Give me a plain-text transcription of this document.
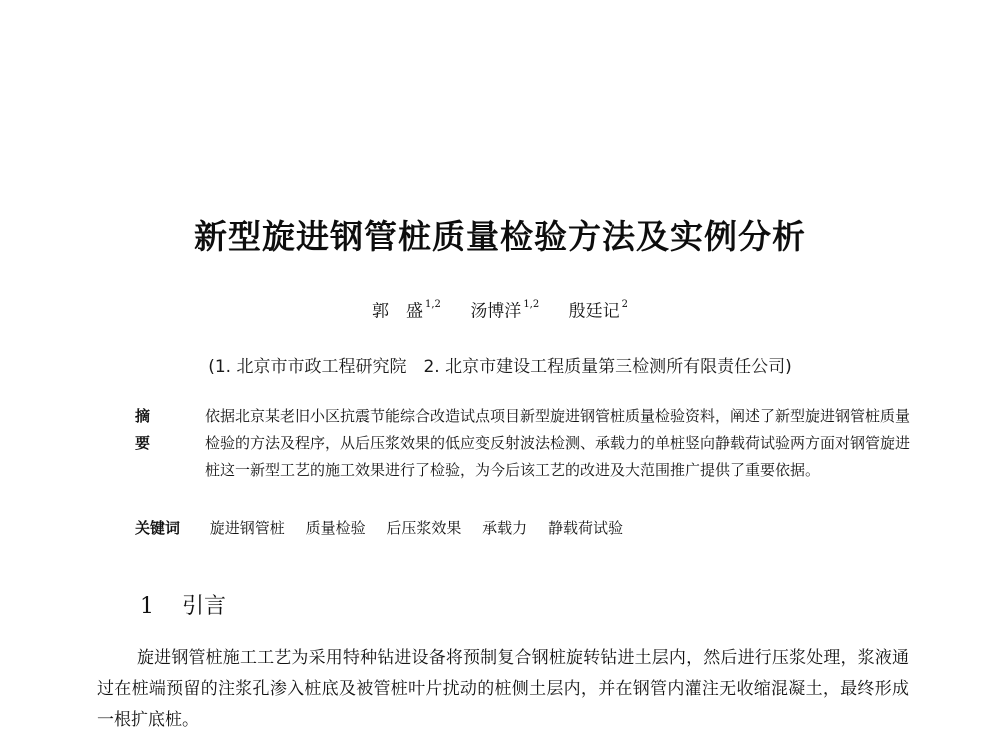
新型旋进钢管桩质量检验方法及实例分析
郭　盛 $^{1,2}$ 汤博洋 $^{1,2}$ 殷廷记 $^2$
(1. 北京市市政工程研究院　2. 北京市建设工程质量第三检测所有限责任公司)
摘 要
依据北京某老旧小区抗震节能综合改造试点项目新型旋进钢管桩质量检验资料，阐述了新型旋进钢管桩质量检验的方法及程序，从后压浆效果的低应变反射波法检测、承载力的单桩竖向静载荷试验两方面对钢管旋进桩这一新型工艺的施工效果进行了检验，为今后该工艺的改进及大范围推广提供了重要依据。
关键词 旋进钢管桩 质量检验 后压浆效果 承载力 静载荷试验
1 引言
旋进钢管桩施工工艺为采用特种钻进设备将预制复合钢桩旋转钻进土层内，然后进行压浆处理，浆液通过在桩端预留的注浆孔渗入桩底及被管桩叶片扰动的桩侧土层内，并在钢管内灌注无收缩混凝土，最终形成一根扩底桩。
